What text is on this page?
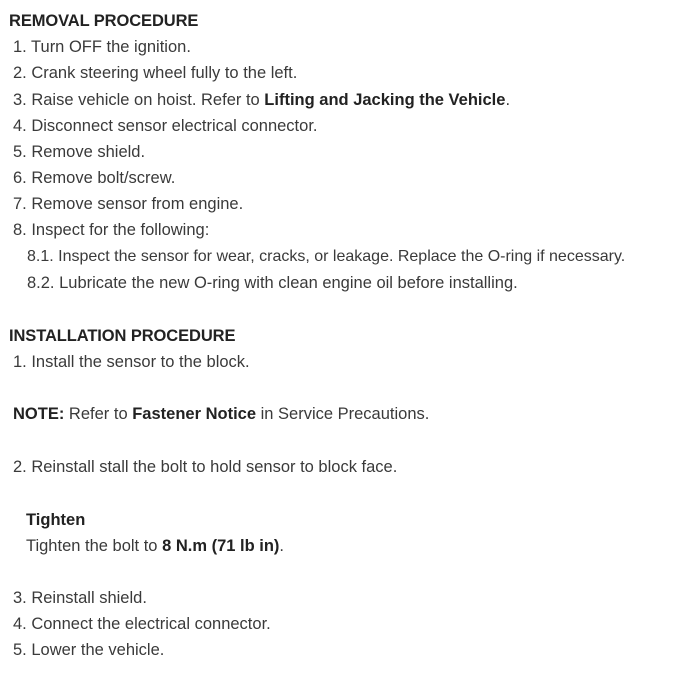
REMOVAL PROCEDURE
1. Turn OFF the ignition.
2. Crank steering wheel fully to the left.
3. Raise vehicle on hoist. Refer to Lifting and Jacking the Vehicle.
4. Disconnect sensor electrical connector.
5. Remove shield.
6. Remove bolt/screw.
7. Remove sensor from engine.
8. Inspect for the following:
8.1. Inspect the sensor for wear, cracks, or leakage. Replace the O-ring if necessary.
8.2. Lubricate the new O-ring with clean engine oil before installing.
INSTALLATION PROCEDURE
1. Install the sensor to the block.
NOTE: Refer to Fastener Notice in Service Precautions.
2. Reinstall stall the bolt to hold sensor to block face.
Tighten
Tighten the bolt to 8 N.m (71 lb in).
3. Reinstall shield.
4. Connect the electrical connector.
5. Lower the vehicle.
